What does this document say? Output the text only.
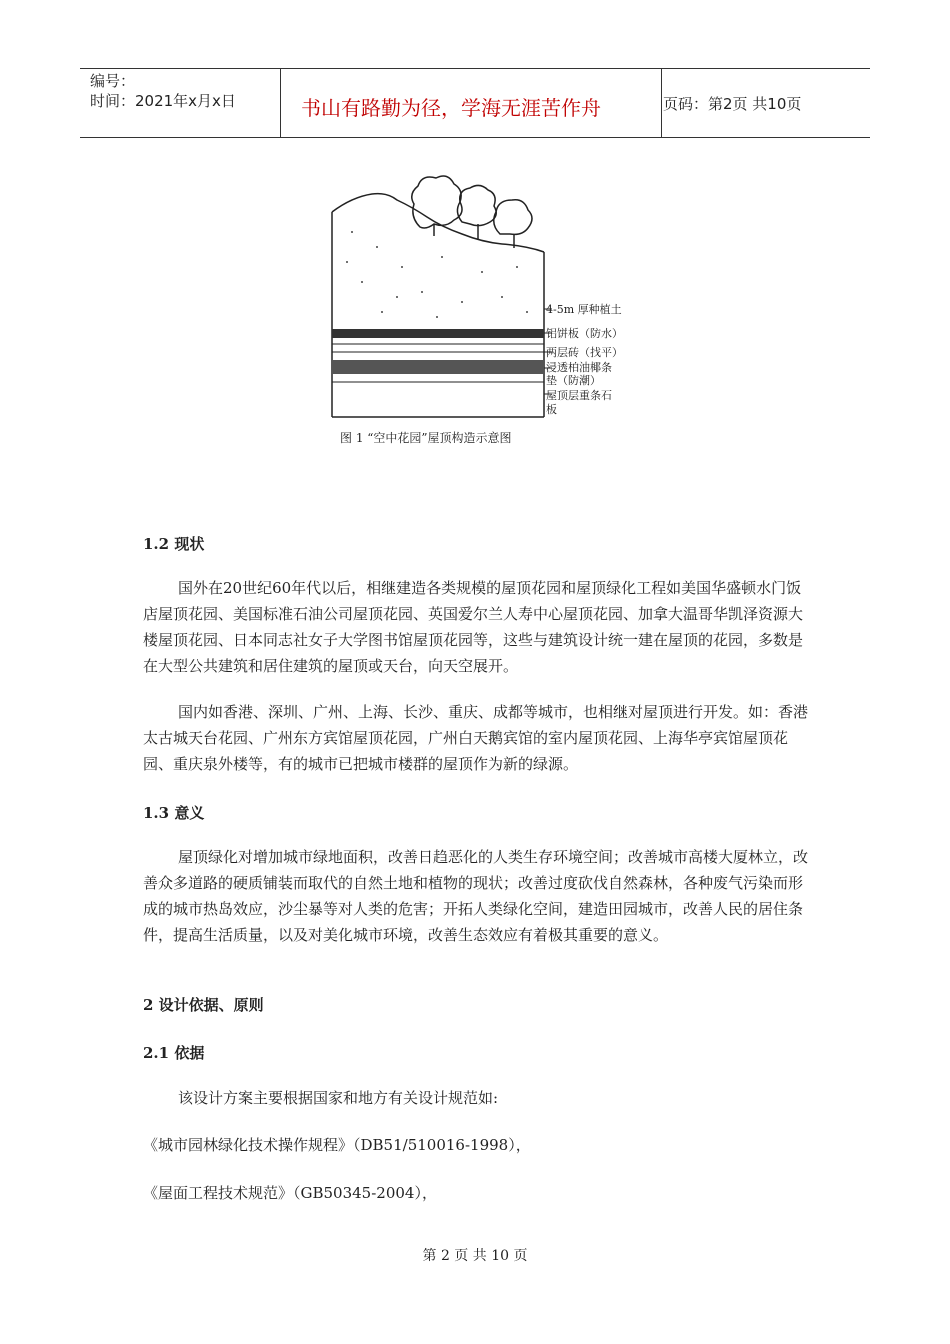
编号：
时间：2021年x月x日	书山有路勤为径，学海无涯苦作舟	页码：第2页 共10页
4-5m 厚种植土
铝饼板（防水）
两层砖（找平）
浸透柏油椰条
垫（防潮）
屋顶层重条石
板
图 1 “空中花园”屋顶构造示意图
1.2 现状

国外在20世纪60年代以后，相继建造各类规模的屋顶花园和屋顶绿化工程如美国华盛顿水门饭店屋顶花园、美国标准石油公司屋顶花园、英国爱尔兰人寿中心屋顶花园、加拿大温哥华凯泽资源大楼屋顶花园、日本同志社女子大学图书馆屋顶花园等，这些与建筑设计统一建在屋顶的花园，多数是在大型公共建筑和居住建筑的屋顶或天台，向天空展开。

国内如香港、深圳、广州、上海、长沙、重庆、成都等城市，也相继对屋顶进行开发。如：香港太古城天台花园、广州东方宾馆屋顶花园，广州白天鹅宾馆的室内屋顶花园、上海华亭宾馆屋顶花园、重庆泉外楼等，有的城市已把城市楼群的屋顶作为新的绿源。

1.3 意义

屋顶绿化对增加城市绿地面积，改善日趋恶化的人类生存环境空间；改善城市高楼大厦林立，改善众多道路的硬质铺装而取代的自然土地和植物的现状；改善过度砍伐自然森林，各种废气污染而形成的城市热岛效应，沙尘暴等对人类的危害；开拓人类绿化空间，建造田园城市，改善人民的居住条件，提高生活质量，以及对美化城市环境，改善生态效应有着极其重要的意义。

2 设计依据、原则
2.1 依据

该设计方案主要根据国家和地方有关设计规范如:

《城市园林绿化技术操作规程》（DB51/510016-1998），

《屋面工程技术规范》（GB50345-2004），

第 2 页 共 10 页
